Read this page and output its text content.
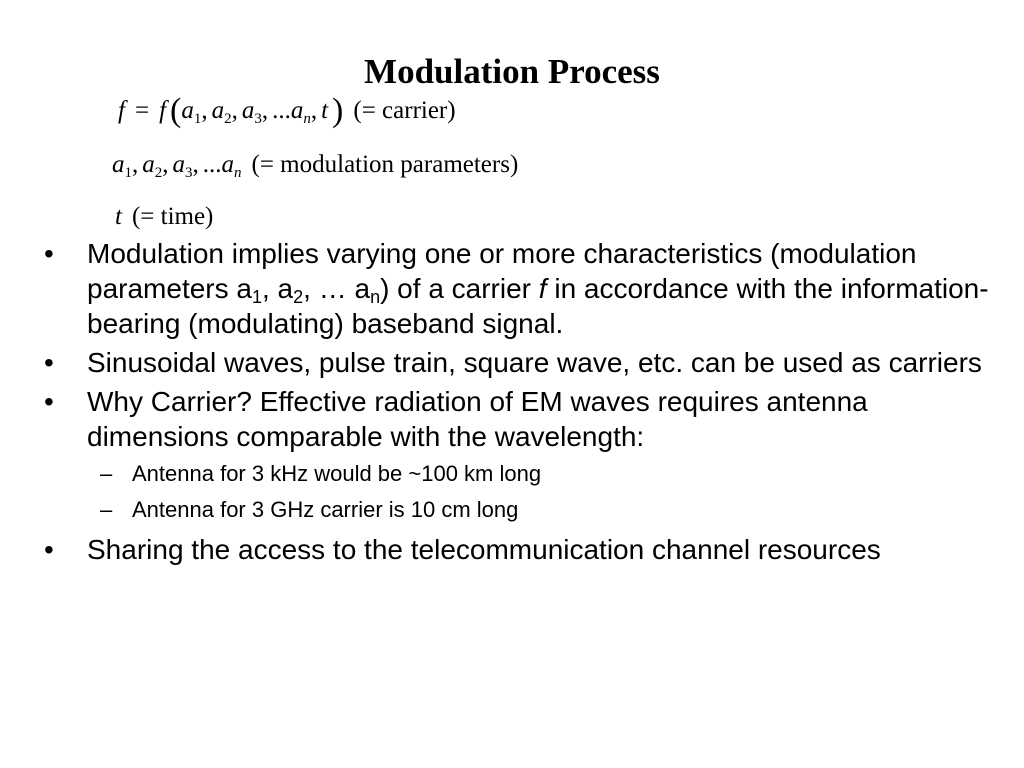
Modulation Process
f = f ($a_1$, $a_2$, $a_3$, $...a_n$, t ) (= carrier)
$a_1$, $a_2$, $a_3$, $...a_n$ (= modulation parameters)
t (= time)
•	Modulation implies varying one or more characteristics (modulation parameters $a_1$, $a_2$, … $a_n$) of a carrier f in accordance with the information-bearing (modulating) baseband signal.
•	Sinusoidal waves, pulse train, square wave, etc. can be used as carriers
•	Why Carrier? Effective radiation of EM waves requires antenna dimensions comparable with the wavelength:
– Antenna for 3 kHz would be ~100 km long
– Antenna for 3 GHz carrier is 10 cm long
•	Sharing the access to the telecommunication channel resources
